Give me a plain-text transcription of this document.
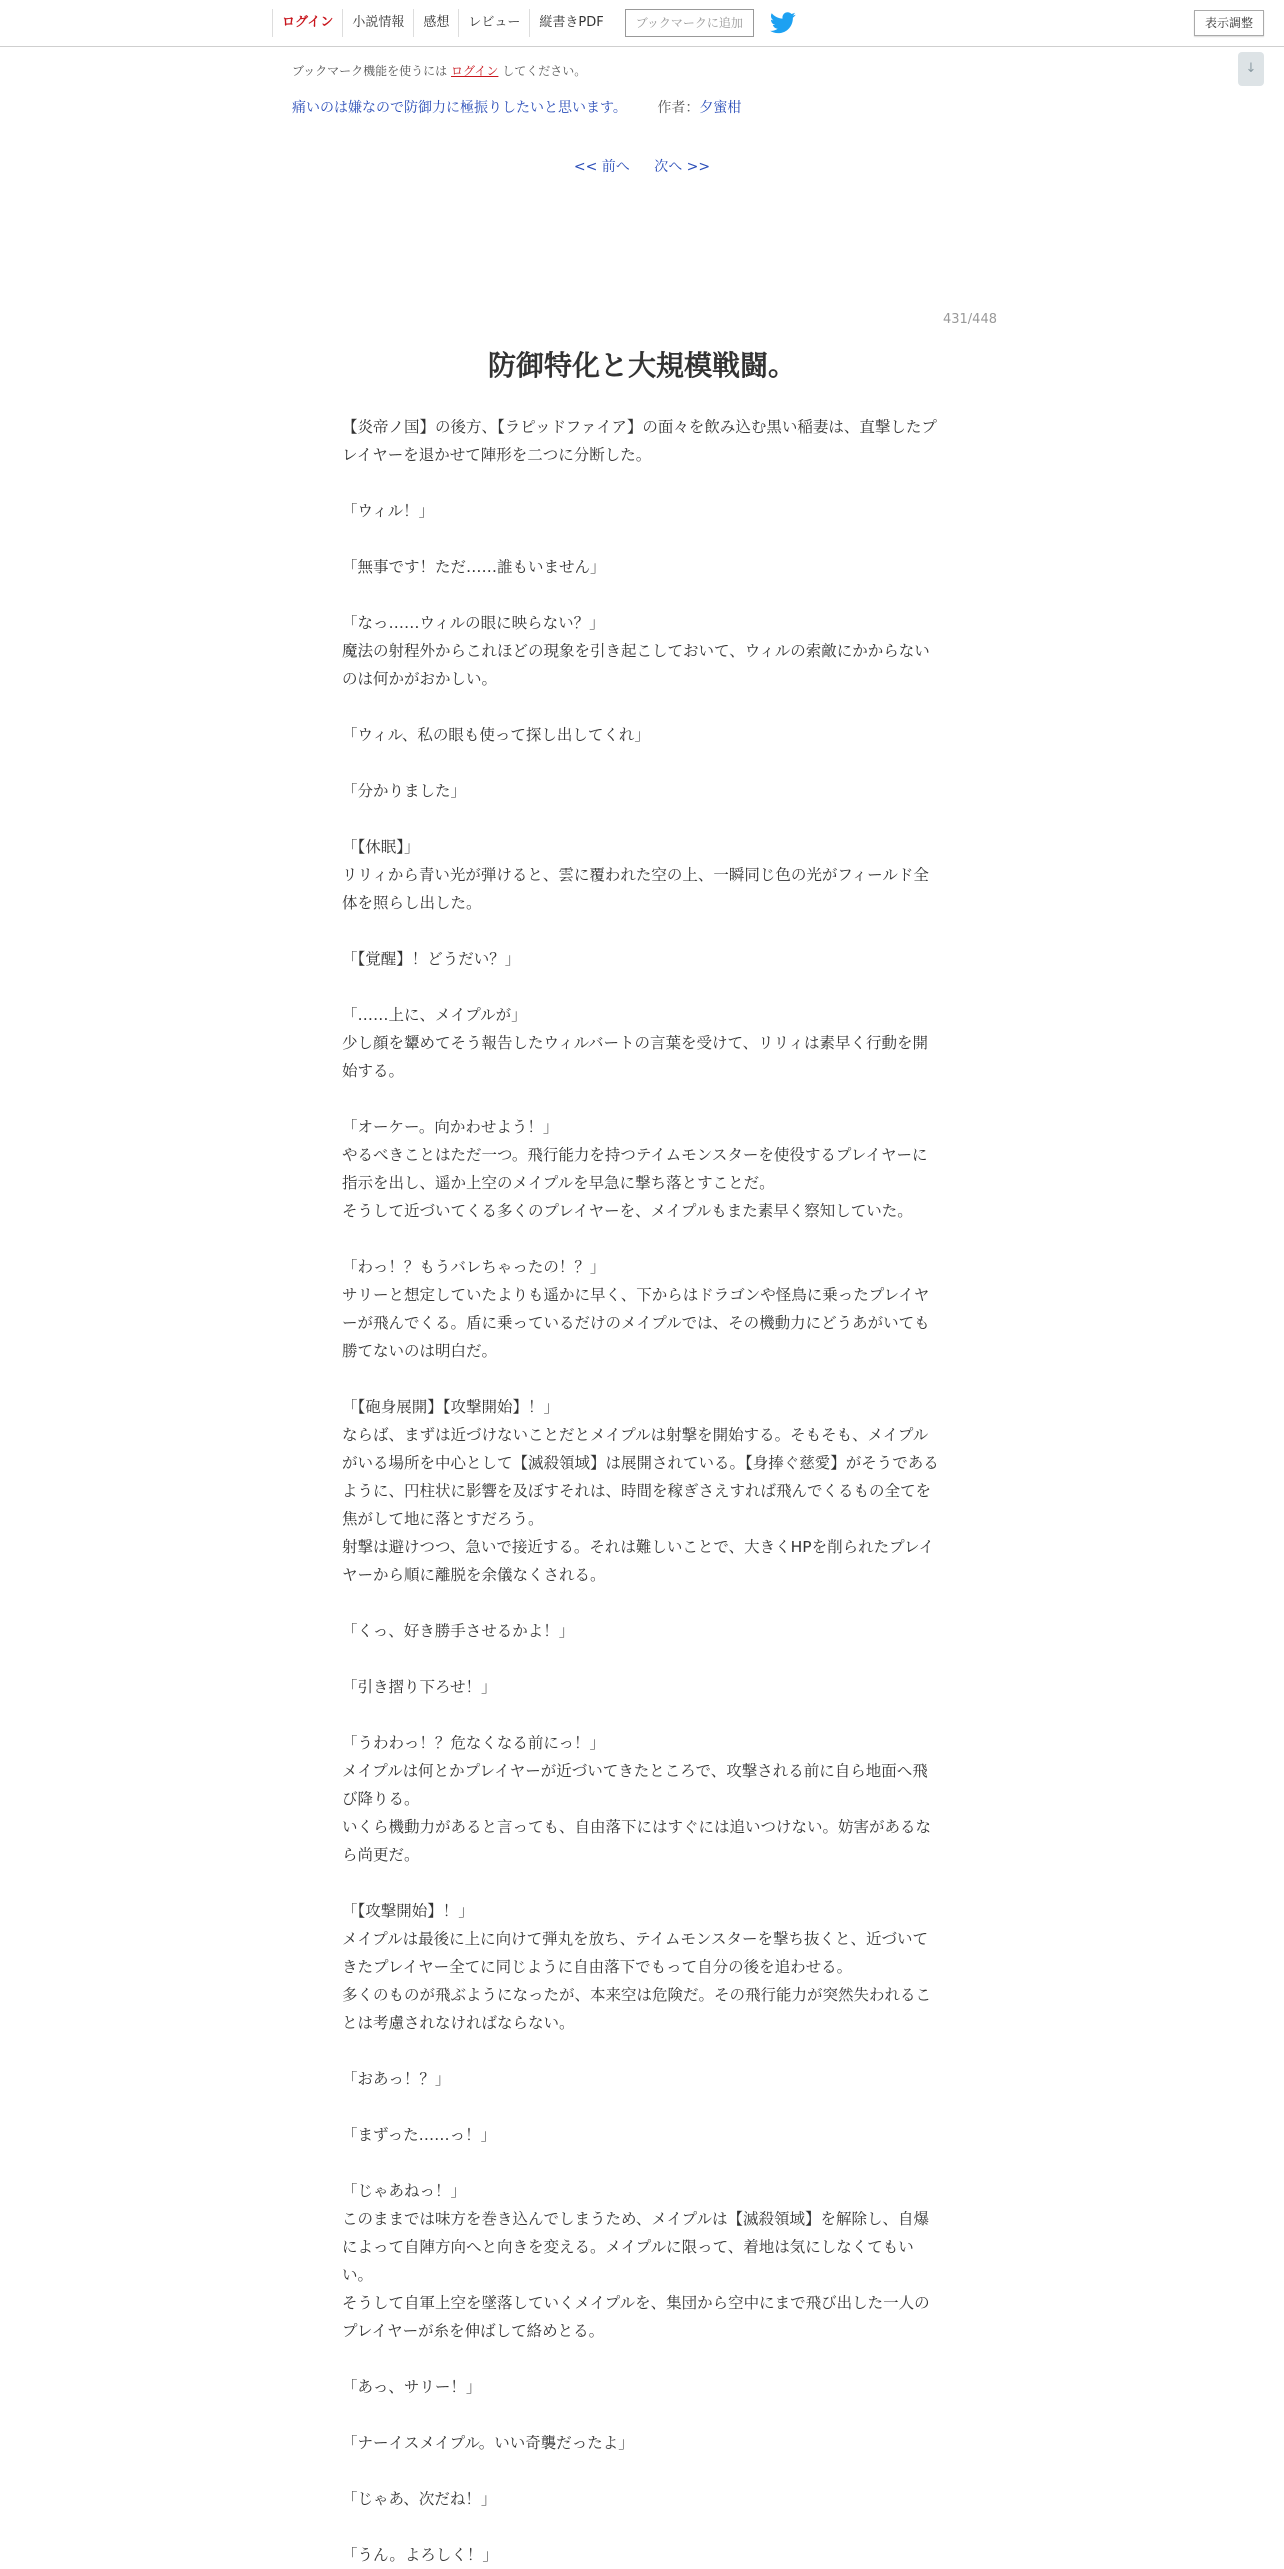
ログイン	小説情報	感想	レビュー	縦書きPDF	ブックマークに追加	表示調整
↓
ブックマーク機能を使うには ログイン してください。
痛いのは嫌なので防御力に極振りしたいと思います。 作者：夕蜜柑
<< 前へ 次へ >>
431/448
防御特化と大規模戦闘。

【炎帝ノ国】の後方、【ラピッドファイア】の面々を飲み込む黒い稲妻は、直撃したプレイヤーを退かせて陣形を二つに分断した。

「ウィル！」

「無事です！ただ……誰もいません」

「なっ……ウィルの眼に映らない？」

魔法の射程外からこれほどの現象を引き起こしておいて、ウィルの索敵にかからないのは何かがおかしい。

「ウィル、私の眼も使って探し出してくれ」

「分かりました」

「【休眠】」

リリィから青い光が弾けると、雲に覆われた空の上、一瞬同じ色の光がフィールド全体を照らし出した。

「【覚醒】！どうだい？」

「……上に、メイプルが」

少し顔を顰めてそう報告したウィルバートの言葉を受けて、リリィは素早く行動を開始する。

「オーケー。向かわせよう！」

やるべきことはただ一つ。飛行能力を持つテイムモンスターを使役するプレイヤーに指示を出し、遥か上空のメイプルを早急に撃ち落とすことだ。

そうして近づいてくる多くのプレイヤーを、メイプルもまた素早く察知していた。

「わっ！？もうバレちゃったの！？」

サリーと想定していたよりも遥かに早く、下からはドラゴンや怪鳥に乗ったプレイヤーが飛んでくる。盾に乗っているだけのメイプルでは、その機動力にどうあがいても勝てないのは明白だ。

「【砲身展開】【攻撃開始】！」

ならば、まずは近づけないことだとメイプルは射撃を開始する。そもそも、メイプルがいる場所を中心として【滅殺領域】は展開されている。【身捧ぐ慈愛】がそうであるように、円柱状に影響を及ぼすそれは、時間を稼ぎさえすれば飛んでくるもの全てを焦がして地に落とすだろう。

射撃は避けつつ、急いで接近する。それは難しいことで、大きくHPを削られたプレイヤーから順に離脱を余儀なくされる。

「くっ、好き勝手させるかよ！」

「引き摺り下ろせ！」

「うわわっ！？危なくなる前にっ！」

メイプルは何とかプレイヤーが近づいてきたところで、攻撃される前に自ら地面へ飛び降りる。

いくら機動力があると言っても、自由落下にはすぐには追いつけない。妨害があるなら尚更だ。

「【攻撃開始】！」

メイプルは最後に上に向けて弾丸を放ち、テイムモンスターを撃ち抜くと、近づいてきたプレイヤー全てに同じように自由落下でもって自分の後を追わせる。

多くのものが飛ぶようになったが、本来空は危険だ。その飛行能力が突然失われることは考慮されなければならない。

「おあっ！？」

「まずった……っ！」

「じゃあねっ！」

このままでは味方を巻き込んでしまうため、メイプルは【滅殺領域】を解除し、自爆によって自陣方向へと向きを変える。メイプルに限って、着地は気にしなくてもいい。

そうして自軍上空を墜落していくメイプルを、集団から空中にまで飛び出した一人のプレイヤーが糸を伸ばして絡めとる。

「あっ、サリー！」

「ナーイスメイプル。いい奇襲だったよ」

「じゃあ、次だね！」

「うん。よろしく！」
